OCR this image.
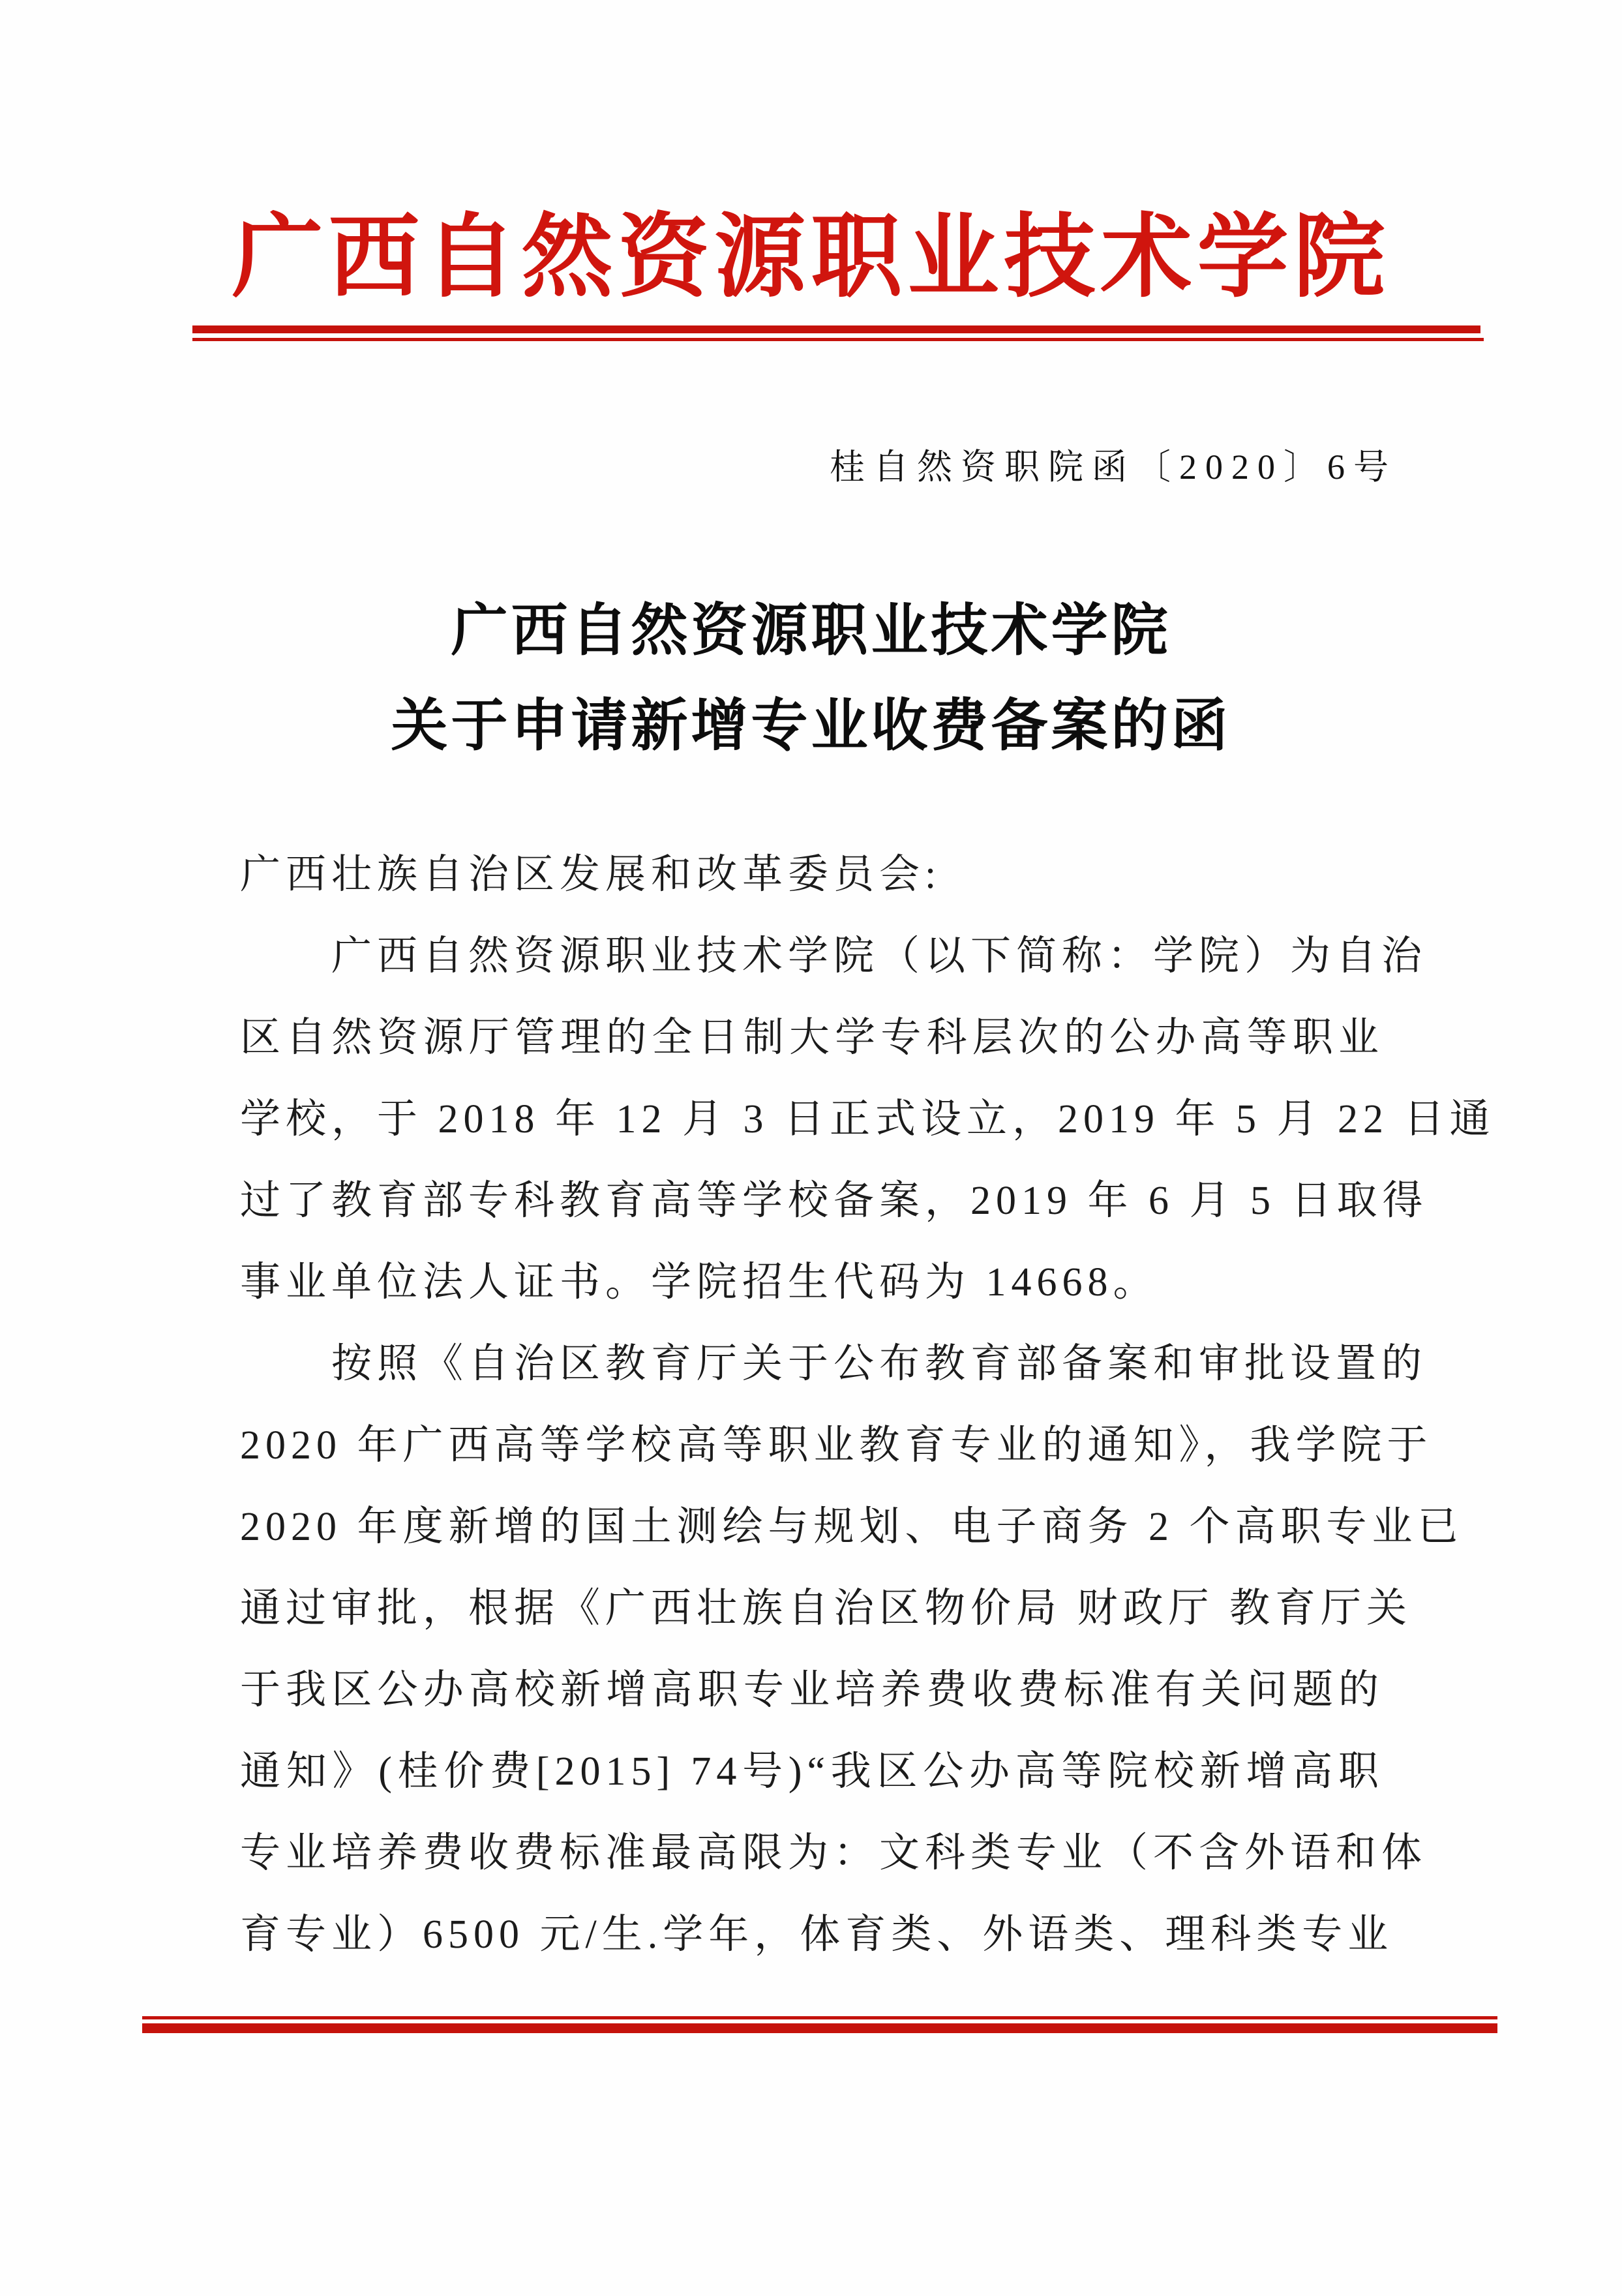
广西自然资源职业技术学院
桂自然资职院函〔2020〕6号
广西自然资源职业技术学院
关于申请新增专业收费备案的函
广西壮族自治区发展和改革委员会:
广西自然资源职业技术学院（以下简称：学院）为自治
区自然资源厅管理的全日制大学专科层次的公办高等职业
学校，于 2018 年 12 月 3 日正式设立，2019 年 5 月 22 日通
过了教育部专科教育高等学校备案，2019 年 6 月 5 日取得
事业单位法人证书。学院招生代码为 14668。
按照《自治区教育厅关于公布教育部备案和审批设置的
2020 年广西高等学校高等职业教育专业的通知》，我学院于
2020 年度新增的国土测绘与规划、电子商务 2 个高职专业已
通过审批，根据《广西壮族自治区物价局 财政厅 教育厅关
于我区公办高校新增高职专业培养费收费标准有关问题的
通知》(桂价费[2015] 74号)“我区公办高等院校新增高职
专业培养费收费标准最高限为：文科类专业（不含外语和体
育专业）6500 元/生.学年，体育类、外语类、理科类专业
